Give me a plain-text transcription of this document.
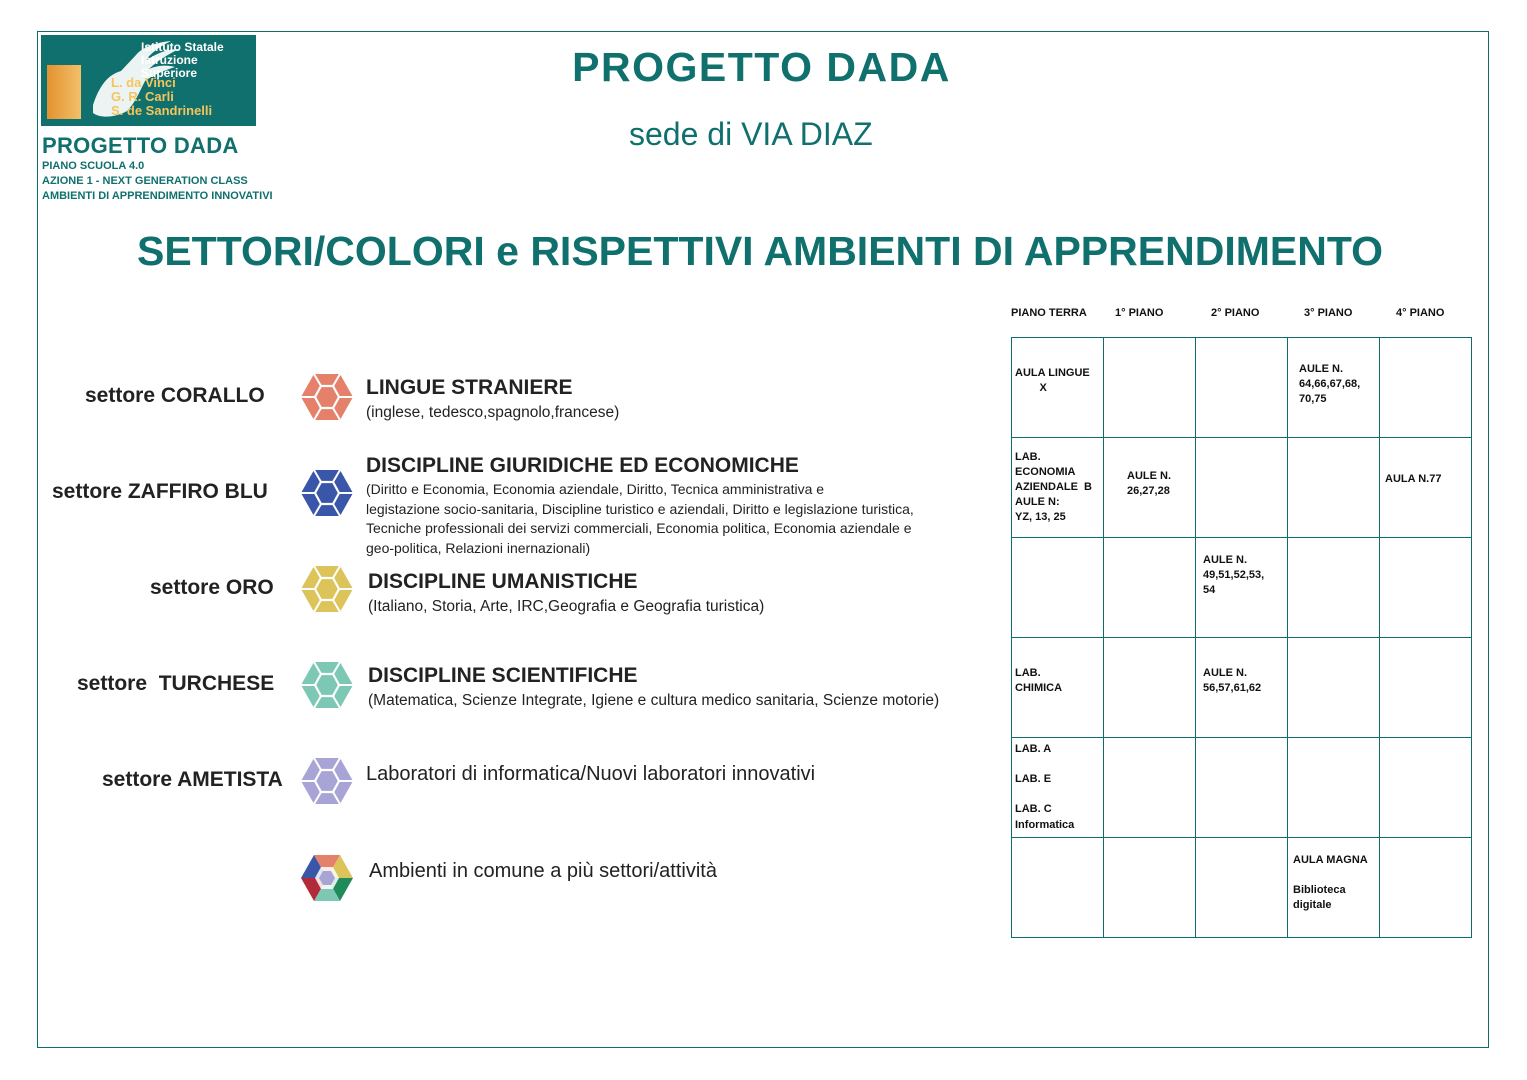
Istituto Statale
Istruzione Superiore
L. da Vinci
G. R. Carli
S. de Sandrinelli
PROGETTO DADA
PIANO SCUOLA 4.0
AZIONE 1 - NEXT GENERATION CLASS
AMBIENTI DI APPRENDIMENTO INNOVATIVI
PROGETTO DADA
sede di VIA DIAZ
SETTORI/COLORI e RISPETTIVI AMBIENTI DI APPRENDIMENTO
settore CORALLO
settore ZAFFIRO BLU
settore ORO
settore  TURCHESE
settore AMETISTA
LINGUE STRANIERE
(inglese, tedesco,spagnolo,francese)
DISCIPLINE GIURIDICHE ED ECONOMICHE
(Diritto e Economia, Economia aziendale, Diritto, Tecnica amministrativa e
legistazione socio-sanitaria, Discipline turistico e aziendali, Diritto e legislazione turistica,
Tecniche professionali dei servizi commerciali, Economia politica, Economia aziendale e
geo-politica, Relazioni inernazionali)
DISCIPLINE UMANISTICHE
(Italiano, Storia, Arte, IRC,Geografia e Geografia turistica)
DISCIPLINE SCIENTIFICHE
(Matematica, Scienze Integrate, Igiene e cultura medico sanitaria, Scienze motorie)
Laboratori di informatica/Nuovi laboratori innovativi
Ambienti in comune a più settori/attività
PIANO TERRA	1° PIANO	2° PIANO	3° PIANO	4° PIANO
AULA LINGUE
X			AULE N.
64,66,67,68,
70,75	

LAB.
ECONOMIA
AZIENDALE  B
AULE N:
YZ, 13, 25	AULE N.
26,27,28			AULA N.77

		AULE N.
49,51,52,53,
54		

LAB.
CHIMICA		AULE N.
56,57,61,62		

LAB. A

LAB. E

LAB. C
Informatica				

			AULA MAGNA

Biblioteca
digitale	
